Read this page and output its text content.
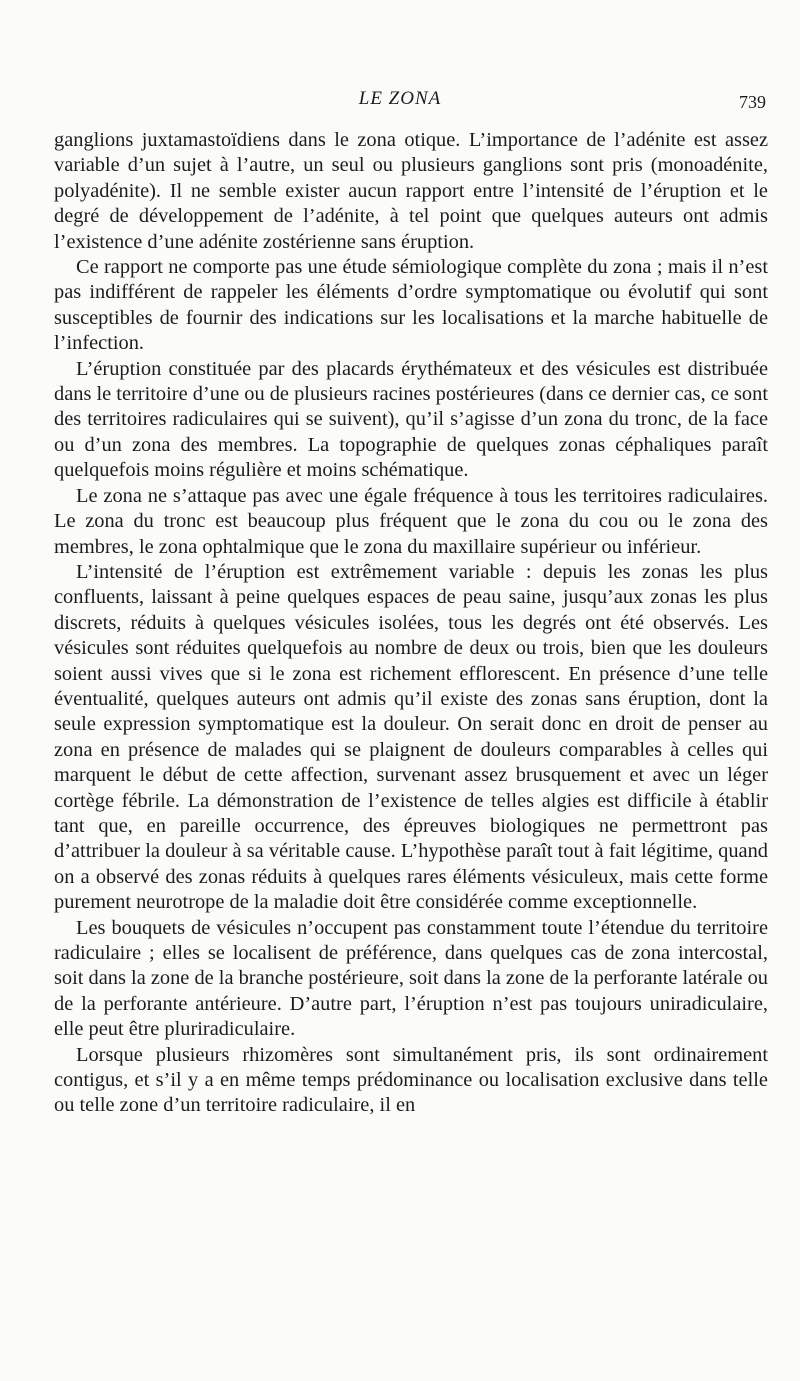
LE ZONA	739

ganglions juxtamastoïdiens dans le zona otique. L’importance de l’adénite est assez variable d’un sujet à l’autre, un seul ou plusieurs ganglions sont pris (monoadénite, polyadénite). Il ne semble exister aucun rapport entre l’intensité de l’éruption et le degré de développement de l’adénite, à tel point que quelques auteurs ont admis l’existence d’une adénite zostérienne sans éruption.

Ce rapport ne comporte pas une étude sémiologique complète du zona ; mais il n’est pas indifférent de rappeler les éléments d’ordre symptomatique ou évolutif qui sont susceptibles de fournir des indications sur les localisations et la marche habituelle de l’infection.

L’éruption constituée par des placards érythémateux et des vésicules est distribuée dans le territoire d’une ou de plusieurs racines postérieures (dans ce dernier cas, ce sont des territoires radiculaires qui se suivent), qu’il s’agisse d’un zona du tronc, de la face ou d’un zona des membres. La topographie de quelques zonas céphaliques paraît quelquefois moins régulière et moins schématique.

Le zona ne s’attaque pas avec une égale fréquence à tous les territoires radiculaires. Le zona du tronc est beaucoup plus fréquent que le zona du cou ou le zona des membres, le zona ophtalmique que le zona du maxillaire supérieur ou inférieur.

L’intensité de l’éruption est extrêmement variable : depuis les zonas les plus confluents, laissant à peine quelques espaces de peau saine, jusqu’aux zonas les plus discrets, réduits à quelques vésicules isolées, tous les degrés ont été observés. Les vésicules sont réduites quelquefois au nombre de deux ou trois, bien que les douleurs soient aussi vives que si le zona est richement efflorescent. En présence d’une telle éventualité, quelques auteurs ont admis qu’il existe des zonas sans éruption, dont la seule expression symptomatique est la douleur. On serait donc en droit de penser au zona en présence de malades qui se plaignent de douleurs comparables à celles qui marquent le début de cette affection, survenant assez brusquement et avec un léger cortège fébrile. La démonstration de l’existence de telles algies est difficile à établir tant que, en pareille occurrence, des épreuves biologiques ne permettront pas d’attribuer la douleur à sa véritable cause. L’hypothèse paraît tout à fait légitime, quand on a observé des zonas réduits à quelques rares éléments vésiculeux, mais cette forme purement neurotrope de la maladie doit être considérée comme exceptionnelle.

Les bouquets de vésicules n’occupent pas constamment toute l’étendue du territoire radiculaire ; elles se localisent de préférence, dans quelques cas de zona intercostal, soit dans la zone de la branche postérieure, soit dans la zone de la perforante latérale ou de la perforante antérieure. D’autre part, l’éruption n’est pas toujours uniradiculaire, elle peut être pluriradiculaire.

Lorsque plusieurs rhizomères sont simultanément pris, ils sont ordinairement contigus, et s’il y a en même temps prédominance ou localisation exclusive dans telle ou telle zone d’un territoire radiculaire, il en
